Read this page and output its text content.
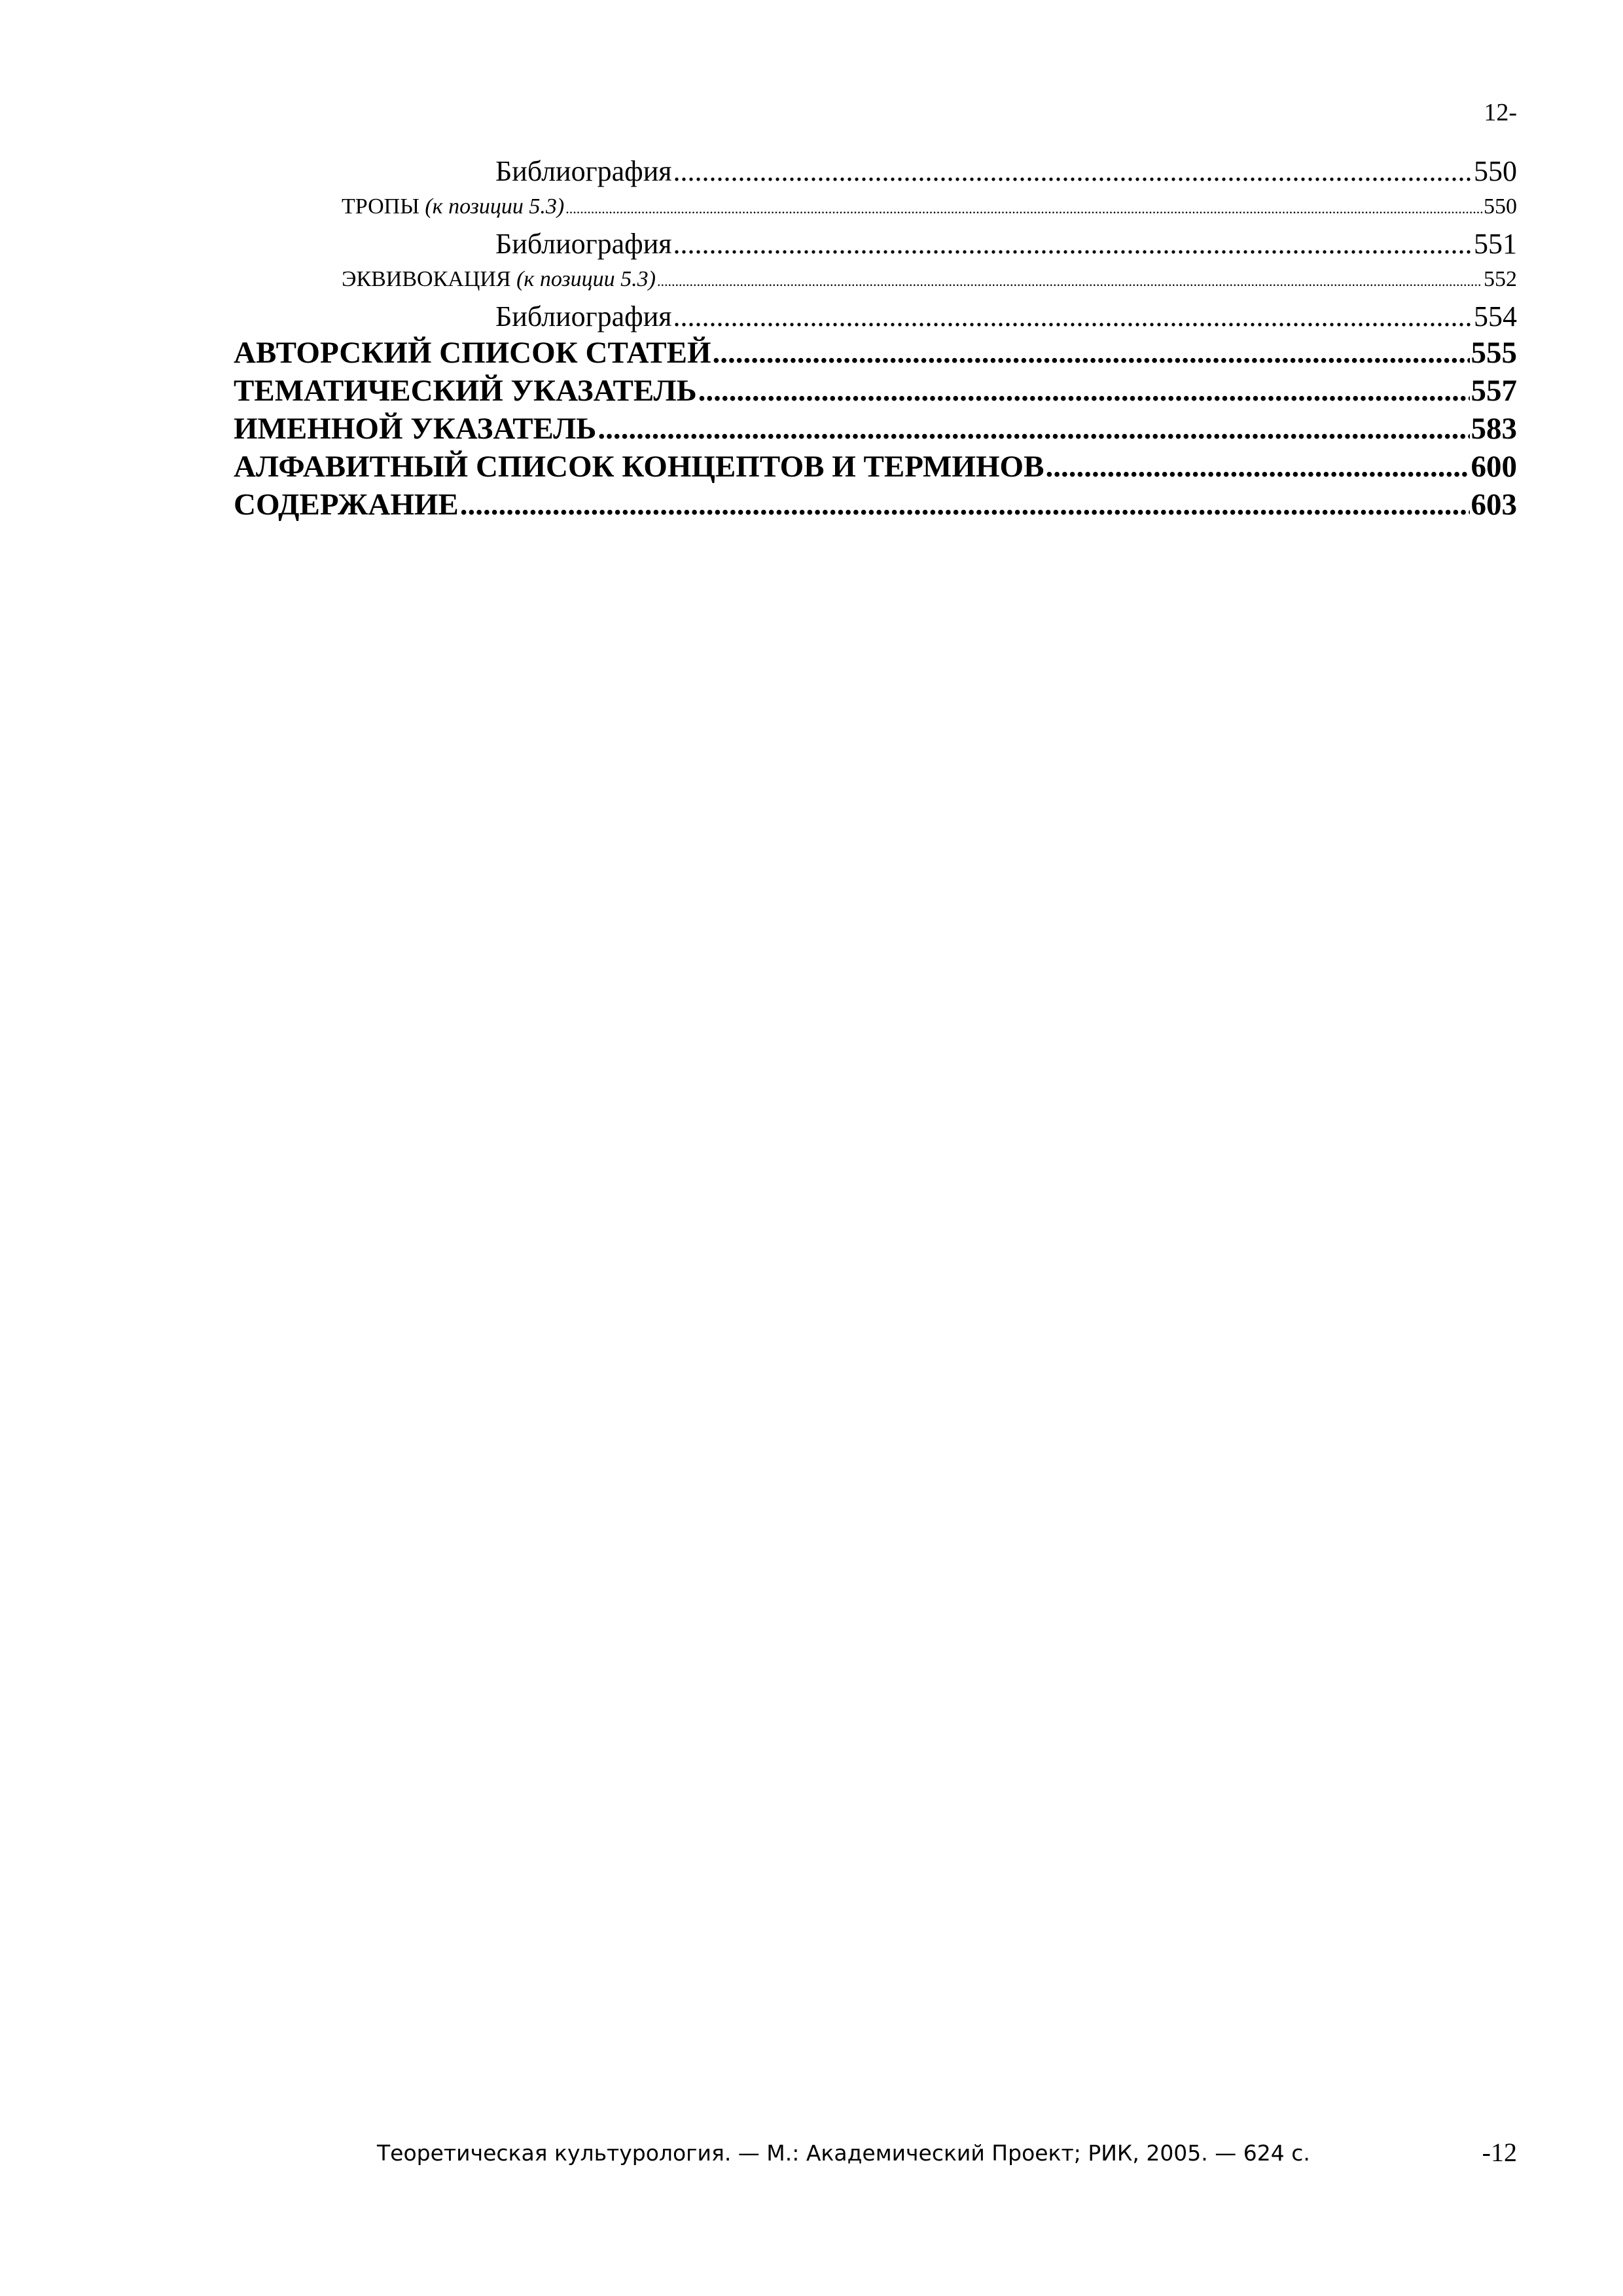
12-
Библиография .....	550
ТРОПЫ (к позиции 5.3) .....	550
Библиография .....	551
ЭКВИВОКАЦИЯ (к позиции 5.3) .....	552
Библиография .....	554
АВТОРСКИЙ СПИСОК СТАТЕЙ .....	555
ТЕМАТИЧЕСКИЙ УКАЗАТЕЛЬ .....	557
ИМЕННОЙ УКАЗАТЕЛЬ .....	583
АЛФАВИТНЫЙ СПИСОК КОНЦЕПТОВ И ТЕРМИНОВ .....	600
СОДЕРЖАНИЕ .....	603
Теоретическая культурология. — М.: Академический Проект; РИК, 2005. — 624 с.	-12
